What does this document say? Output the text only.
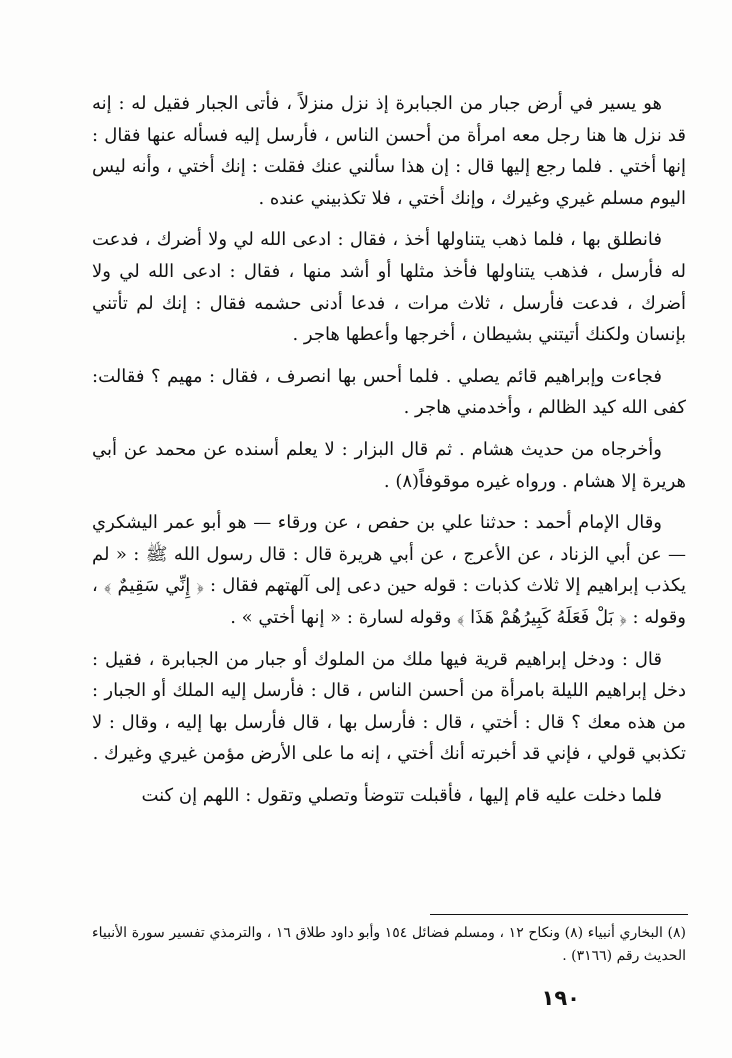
هو يسير في أرض جبار من الجبابرة إذ نزل منزلاً ، فأتى الجبار فقيل له : إنه قد نزل ها هنا رجل معه امرأة من أحسن الناس ، فأرسل إليه فسأله عنها فقال : إنها أختي . فلما رجع إليها قال : إن هذا سألني عنك فقلت : إنك أختي ، وأنه ليس اليوم مسلم غيري وغيرك ، وإنك أختي ، فلا تكذبيني عنده .

فانطلق بها ، فلما ذهب يتناولها أخذ ، فقال : ادعى الله لي ولا أضرك ، فدعت له فأرسل ، فذهب يتناولها فأخذ مثلها أو أشد منها ، فقال : ادعى الله لي ولا أضرك ، فدعت فأرسل ، ثلاث مرات ، فدعا أدنى حشمه فقال : إنك لم تأتني بإنسان ولكنك أتيتني بشيطان ، أخرجها وأعطها هاجر .

فجاءت وإبراهيم قائم يصلي . فلما أحس بها انصرف ، فقال : مهيم ؟ فقالت: كفى الله كيد الظالم ، وأخدمني هاجر .

وأخرجاه من حديث هشام . ثم قال البزار : لا يعلم أسنده عن محمد عن أبي هريرة إلا هشام . ورواه غيره موقوفاً(٨) .

وقال الإمام أحمد : حدثنا علي بن حفص ، عن ورقاء — هو أبو عمر اليشكري — عن أبي الزناد ، عن الأعرج ، عن أبي هريرة قال : قال رسول الله ﷺ : « لم يكذب إبراهيم إلا ثلاث كذبات : قوله حين دعى إلى آلهتهم فقال : ﴿ إِنِّي سَقِيمٌ ﴾ ، وقوله : ﴿ بَلْ فَعَلَهُ كَبِيرُهُمْ هَذَا ﴾ وقوله لسارة : « إنها أختي » .

قال : ودخل إبراهيم قرية فيها ملك من الملوك أو جبار من الجبابرة ، فقيل : دخل إبراهيم الليلة بامرأة من أحسن الناس ، قال : فأرسل إليه الملك أو الجبار : من هذه معك ؟ قال : أختي ، قال : فأرسل بها ، قال فأرسل بها إليه ، وقال : لا تكذبي قولي ، فإني قد أخبرته أنك أختي ، إنه ما على الأرض مؤمن غيري وغيرك .

فلما دخلت عليه قام إليها ، فأقبلت تتوضأ وتصلي وتقول : اللهم إن كنت

(٨) البخاري أنبياء (٨) ونكاح ١٢ ، ومسلم فضائل ١٥٤ وأبو داود طلاق ١٦ ، والترمذي تفسير سورة الأنبياء الحديث رقم (٣١٦٦) .

١٩٠
